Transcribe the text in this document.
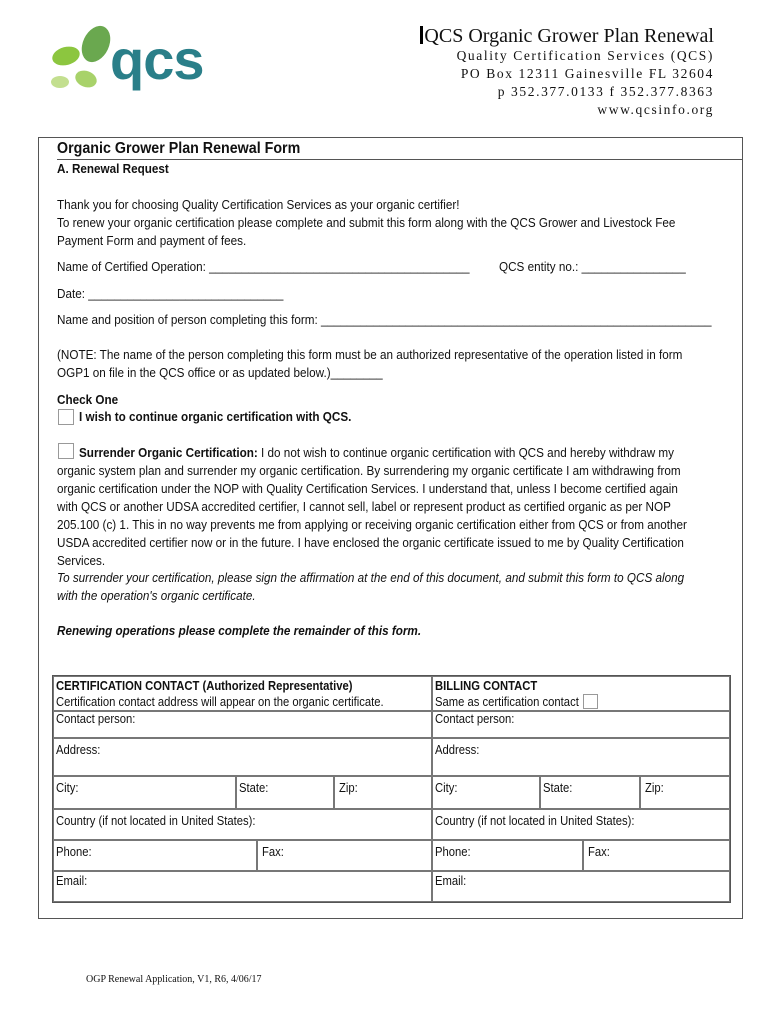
qcs	QCS Organic Grower Plan Renewal
Quality Certification Services (QCS)
PO Box 12311 Gainesville FL 32604
p 352.377.0133 f 352.377.8363
www.qcsinfo.org
Organic Grower Plan Renewal Form
A. Renewal Request
Thank you for choosing Quality Certification Services as your organic certifier!
To renew your organic certification please complete and submit this form along with the QCS Grower and Livestock Fee
Payment Form and payment of fees.
Name of Certified Operation: ________________________________________ QCS entity no.: ________________
Date: ______________________________
Name and position of person completing this form: ____________________________________________________________
(NOTE: The name of the person completing this form must be an authorized representative of the operation listed in form
OGP1 on file in the QCS office or as updated below.)________
Check One
I wish to continue organic certification with QCS.
Surrender Organic Certification: I do not wish to continue organic certification with QCS and hereby withdraw my
organic system plan and surrender my organic certification. By surrendering my organic certificate I am withdrawing from
organic certification under the NOP with Quality Certification Services. I understand that, unless I become certified again
with QCS or another UDSA accredited certifier, I cannot sell, label or represent product as certified organic as per NOP
205.100 (c) 1. This in no way prevents me from applying or receiving organic certification either from QCS or from another
USDA accredited certifier now or in the future. I have enclosed the organic certificate issued to me by Quality Certification
Services.
To surrender your certification, please sign the affirmation at the end of this document, and submit this form to QCS along
with the operation's organic certificate.
Renewing operations please complete the remainder of this form.
CERTIFICATION CONTACT (Authorized Representative)
Certification contact address will appear on the organic certificate.
BILLING CONTACT
Same as certification contact
Contact person:	Contact person:
Address:	Address:
City:	State:	Zip:	City:	State:	Zip:
Country (if not located in United States):	Country (if not located in United States):
Phone:	Fax:	Phone:	Fax:
Email:	Email:
OGP Renewal Application, V1, R6, 4/06/17
